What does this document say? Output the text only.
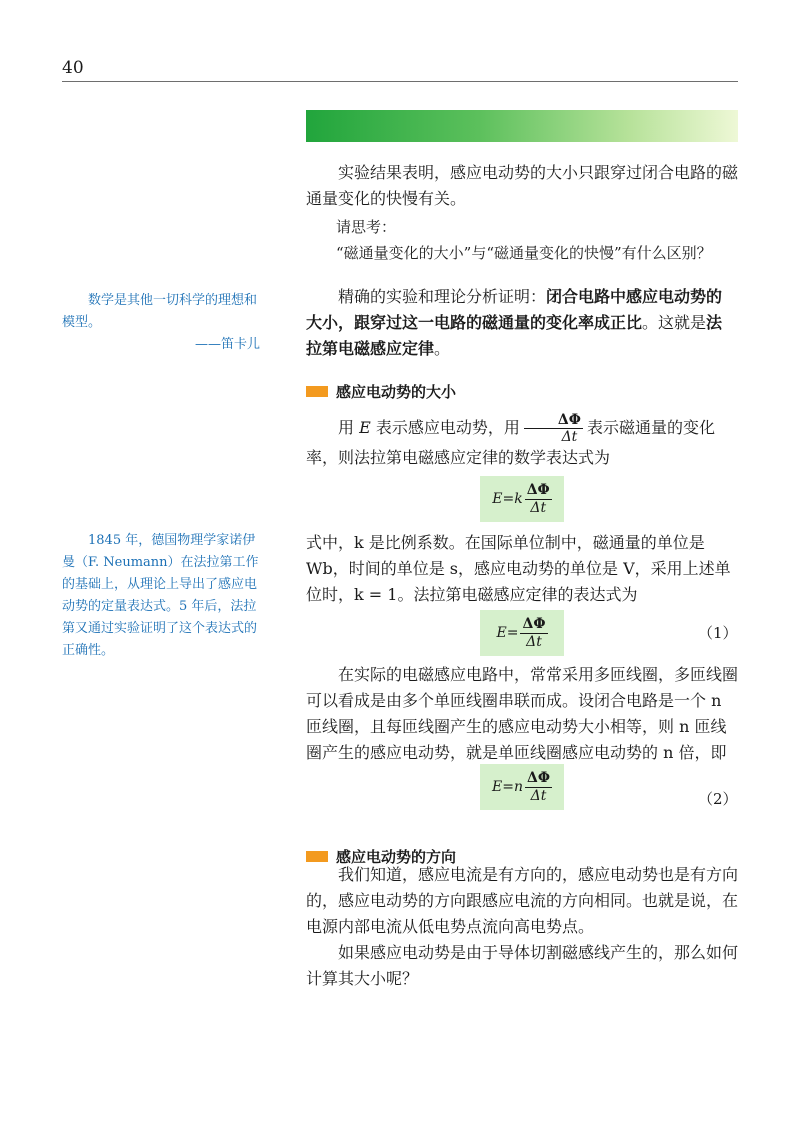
40

实验结果表明，感应电动势的大小只跟穿过闭合电路的磁通量变化的快慢有关。

请思考：

“磁通量变化的大小”与“磁通量变化的快慢”有什么区别？

精确的实验和理论分析证明：闭合电路中感应电动势的大小，跟穿过这一电路的磁通量的变化率成正比。这就是法拉第电磁感应定律。

感应电动势的大小

用 E 表示感应电动势，用 $\frac{\Delta\Phi}{\Delta t}$ 表示磁通量的变化率，则法拉第电磁感应定律的数学表达式为

E = k $\frac{\Delta\Phi}{\Delta t}$

式中，k 是比例系数。在国际单位制中，磁通量的单位是 Wb，时间的单位是 s，感应电动势的单位是 V，采用上述单位时，k = 1。法拉第电磁感应定律的表达式为

$E = \frac{\Delta\Phi}{\Delta t}$	（1）

在实际的电磁感应电路中，常常采用多匝线圈，多匝线圈可以看成是由多个单匝线圈串联而成。设闭合电路是一个 n 匝线圈，且每匝线圈产生的感应电动势大小相等，则 n 匝线圈产生的感应电动势，就是单匝线圈感应电动势的 n 倍，即

E = n $\frac{\Delta\Phi}{\Delta t}$	（2）
感应电动势的方向

我们知道，感应电流是有方向的，感应电动势也是有方向的，感应电动势的方向跟感应电流的方向相同。也就是说，在电源内部电流从低电势点流向高电势点。

如果感应电动势是由于导体切割磁感线产生的，那么如何计算其大小呢？

数学是其他一切科学的理想和模型。

——笛卡儿

1845 年，德国物理学家诺伊曼（F. Neumann）在法拉第工作的基础上，从理论上导出了感应电动势的定量表达式。5 年后，法拉第又通过实验证明了这个表达式的正确性。
